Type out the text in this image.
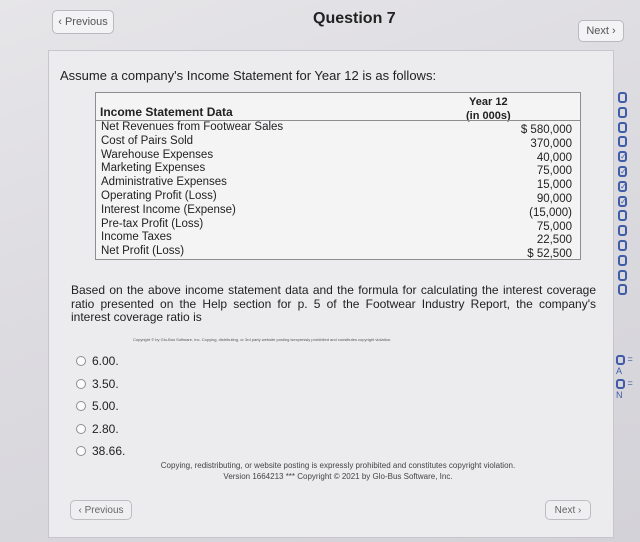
‹ Previous	Question 7
Next ›
Assume a company's Income Statement for Year 12 is as follows:
Income Statement Data
Year 12
(in 000s)
Net Revenues from Footwear Sales
Cost of Pairs Sold
Warehouse Expenses
Marketing Expenses
Administrative Expenses
Operating Profit (Loss)
Interest Income (Expense)
Pre-tax Profit (Loss)
Income Taxes
Net Profit (Loss)
$ 580,000
370,000
40,000
75,000
15,000
90,000
(15,000)
75,000
22,500
$ 52,500
Based on the above income statement data and the formula for calculating the interest coverage ratio presented on the Help section for p. 5 of the Footwear Industry Report, the company's interest coverage ratio is
Copyright © by Glo-Bus Software, Inc. Copying, distributing, or 3rd party website posting isexpressly prohibited and constitutes copyright violation.
6.00.
3.50.
5.00.
2.80.
38.66.
Copying, redistributing, or website posting is expressly prohibited and constitutes copyright violation.
Version 1664213 *** Copyright © 2021 by Glo-Bus Software, Inc.
‹ Previous	Next ›
✓
✓
✓
✓
= A
= N
